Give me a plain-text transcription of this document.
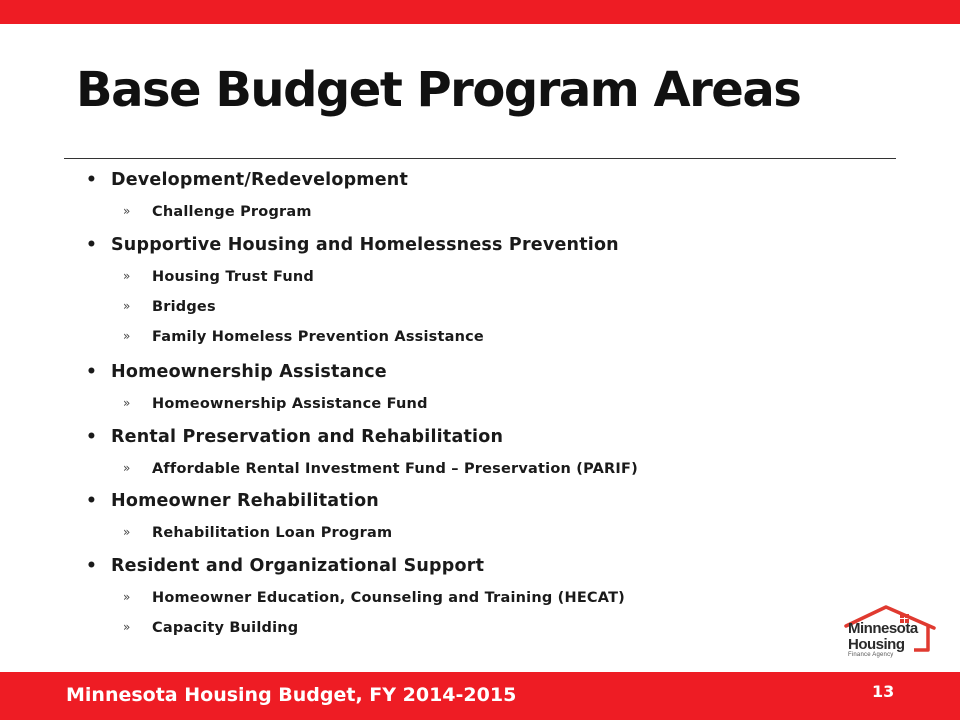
Base Budget Program Areas
• Development/Redevelopment
» Challenge Program
• Supportive Housing and Homelessness Prevention
» Housing Trust Fund
» Bridges
» Family Homeless Prevention Assistance
• Homeownership Assistance
» Homeownership Assistance Fund
• Rental Preservation and Rehabilitation
» Affordable Rental Investment Fund – Preservation (PARIF)
• Homeowner Rehabilitation
» Rehabilitation Loan Program
• Resident and Organizational Support
» Homeowner Education, Counseling and Training (HECAT)
» Capacity Building	Minnesota
Housing
Finance Agency
Minnesota Housing Budget, FY 2014-2015	13
